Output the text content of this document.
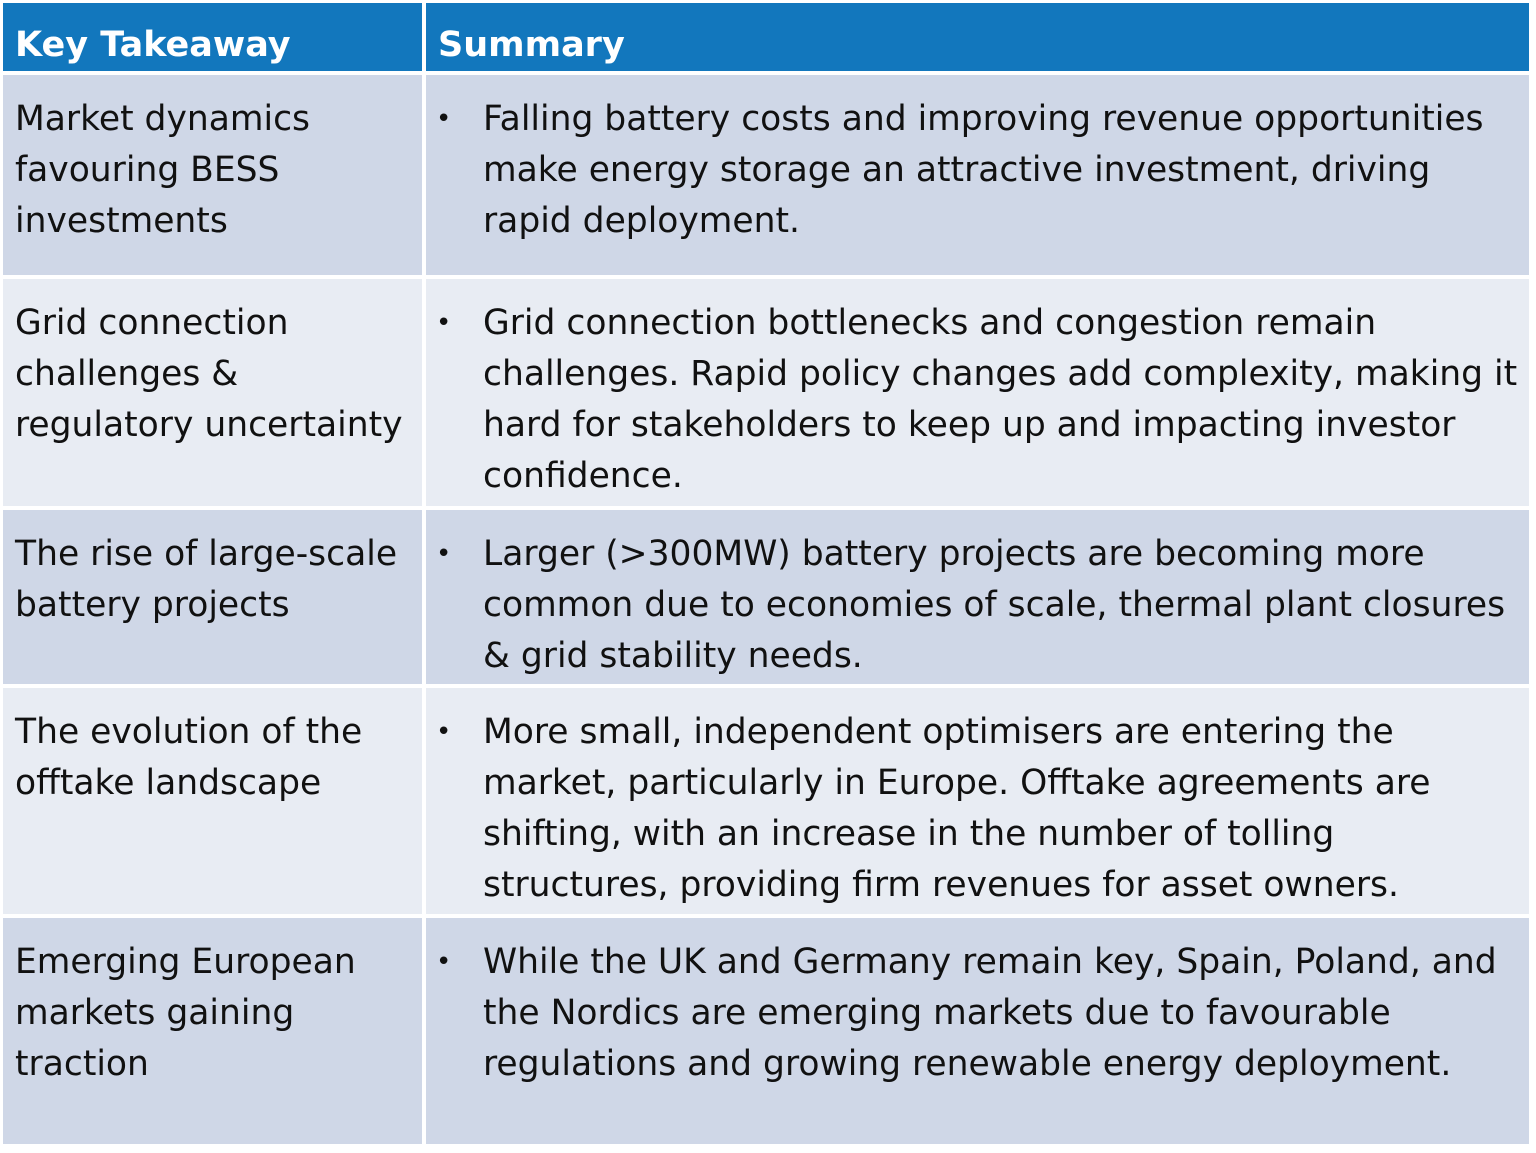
Key Takeaway	Summary
Market dynamics favouring BESS investments
• Falling battery costs and improving revenue opportunities make energy storage an attractive investment, driving rapid deployment.
Grid connection challenges & regulatory uncertainty
• Grid connection bottlenecks and congestion remain challenges. Rapid policy changes add complexity, making it hard for stakeholders to keep up and impacting investor confidence.
The rise of large-scale battery projects
• Larger (>300MW) battery projects are becoming more common due to economies of scale, thermal plant closures & grid stability needs.
The evolution of the offtake landscape
• More small, independent optimisers are entering the market, particularly in Europe. Offtake agreements are shifting, with an increase in the number of tolling structures, providing firm revenues for asset owners.
Emerging European markets gaining traction
• While the UK and Germany remain key, Spain, Poland, and the Nordics are emerging markets due to favourable regulations and growing renewable energy deployment.
